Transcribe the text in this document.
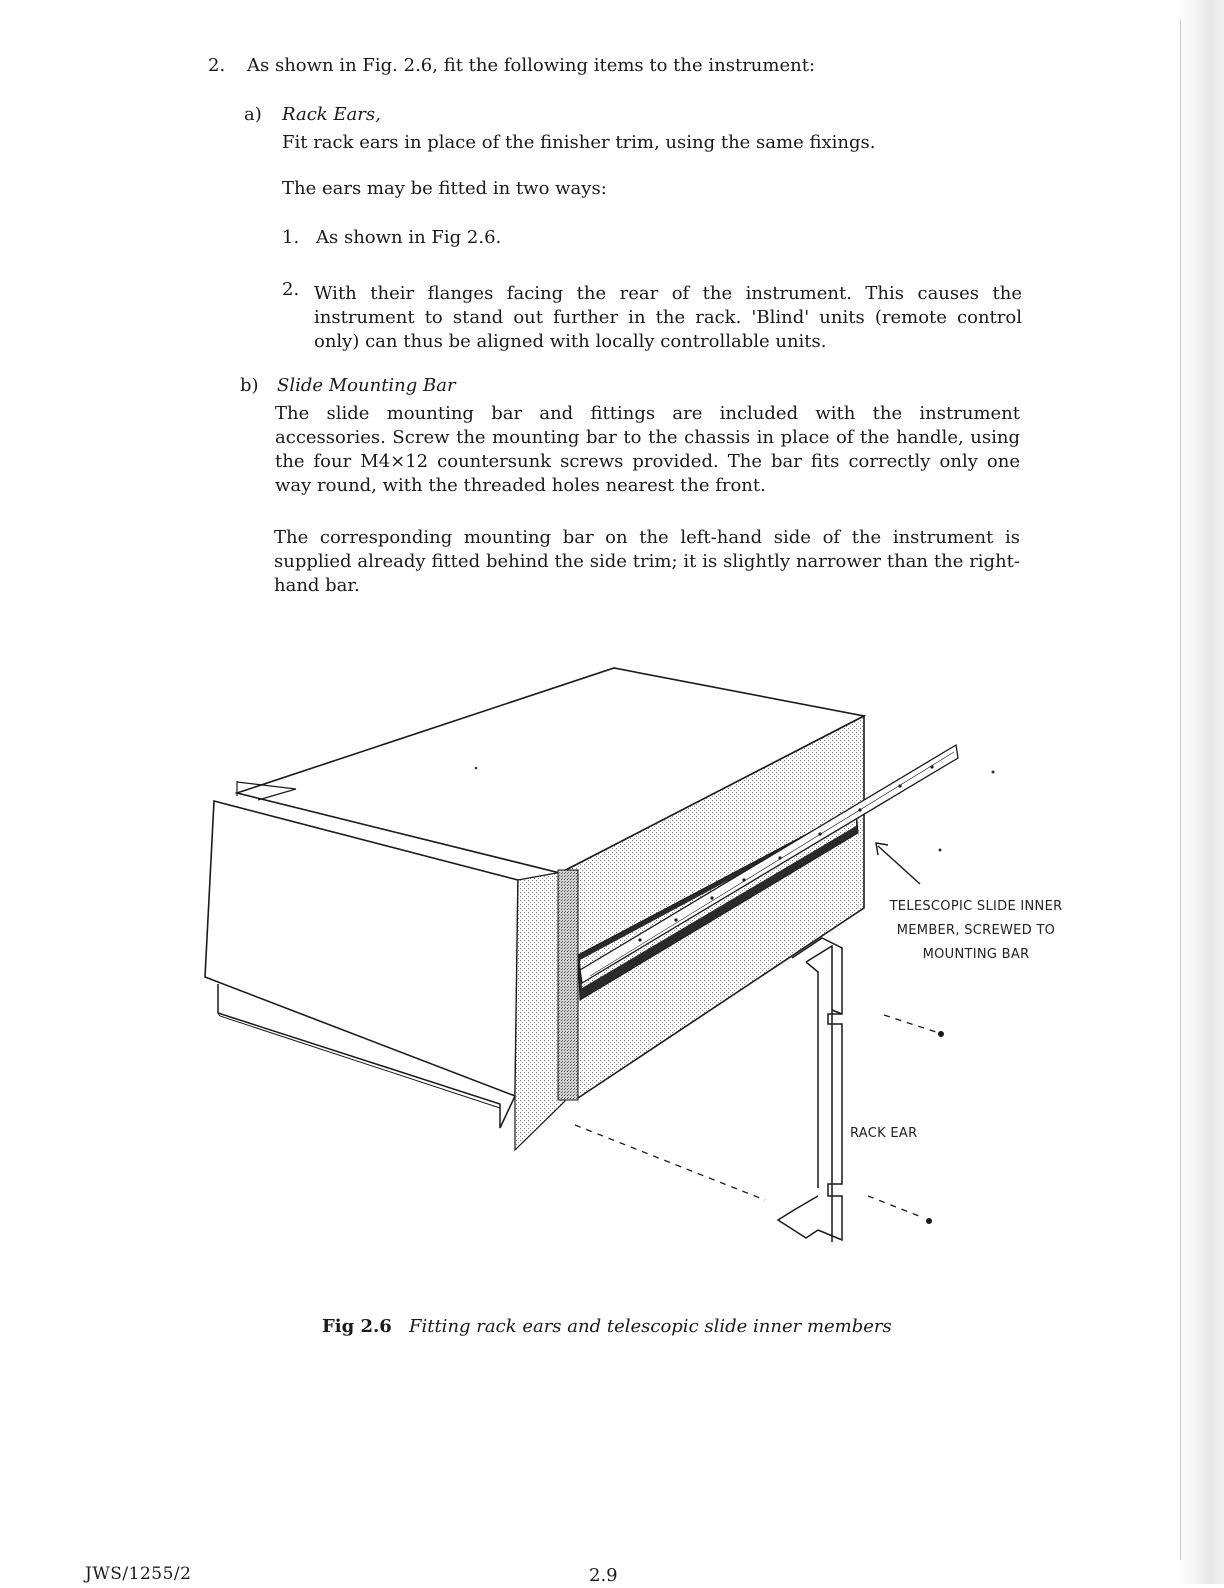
2. As shown in Fig. 2.6, fit the following items to the instrument:
a) Rack Ears,
Fit rack ears in place of the finisher trim, using the same fixings.
The ears may be fitted in two ways:
1. As shown in Fig 2.6.
2. With their flanges facing the rear of the instrument. This causes the instrument to stand out further in the rack. 'Blind' units (remote control only) can thus be aligned with locally controllable units.
b) Slide Mounting Bar
The slide mounting bar and fittings are included with the instrument accessories. Screw the mounting bar to the chassis in place of the handle, using the four M4×12 countersunk screws provided. The bar fits correctly only one way round, with the threaded holes nearest the front.
The corresponding mounting bar on the left-hand side of the instrument is supplied already fitted behind the side trim; it is slightly narrower than the right-hand bar.
TELESCOPIC SLIDE INNER
MEMBER, SCREWED TO
MOUNTING BAR
RACK EAR
Fig 2.6 Fitting rack ears and telescopic slide inner members
JWS/1255/2	2.9
